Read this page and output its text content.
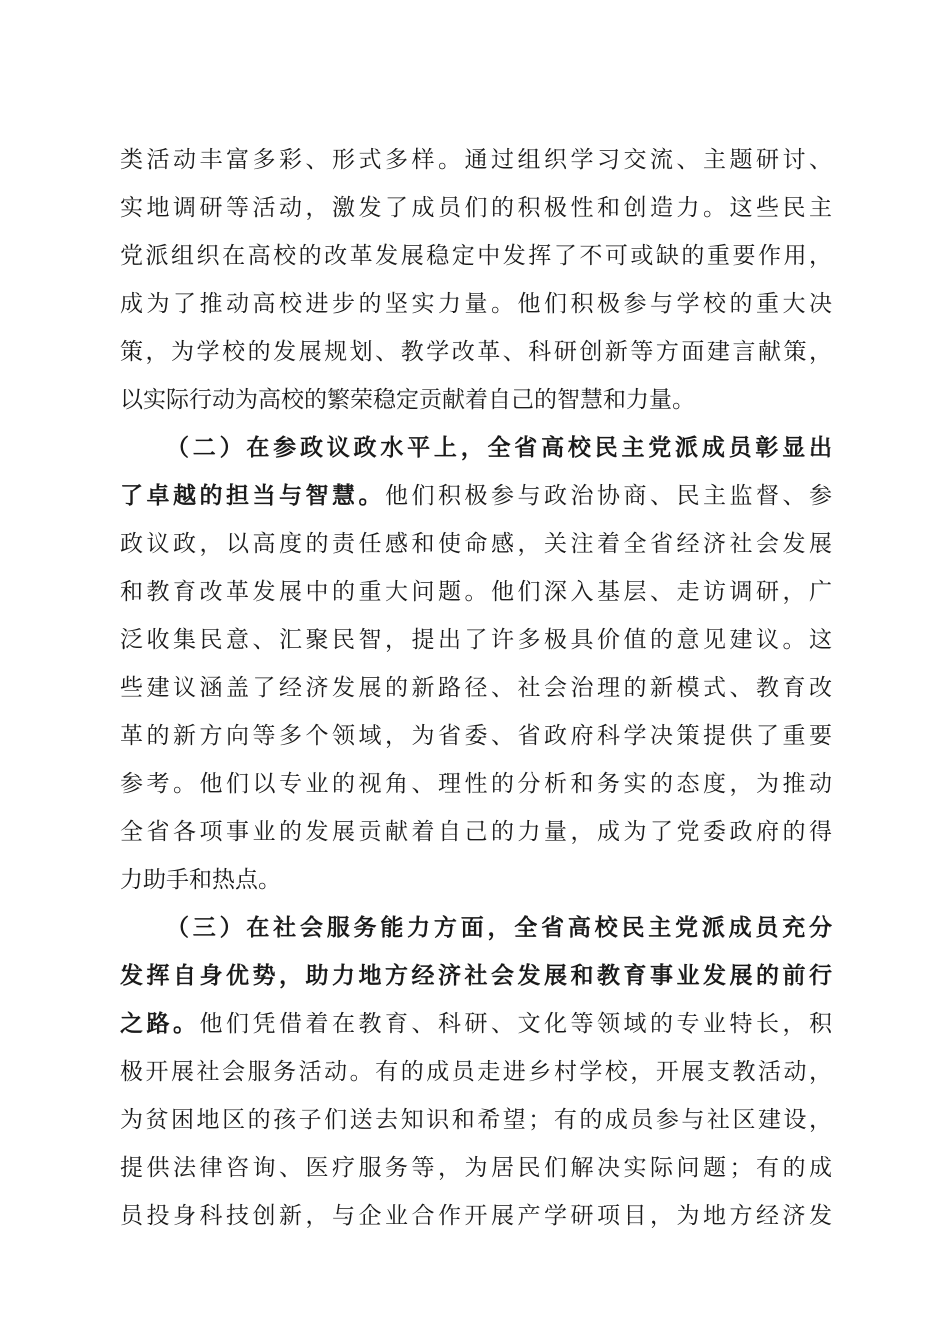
类活动丰富多彩、形式多样。通过组织学习交流、主题研讨、
实地调研等活动，激发了成员们的积极性和创造力。这些民主
党派组织在高校的改革发展稳定中发挥了不可或缺的重要作用，
成为了推动高校进步的坚实力量。他们积极参与学校的重大决
策，为学校的发展规划、教学改革、科研创新等方面建言献策，
以实际行动为高校的繁荣稳定贡献着自己的智慧和力量。
（二）在参政议政水平上，全省高校民主党派成员彰显出
了卓越的担当与智慧。他们积极参与政治协商、民主监督、参
政议政，以高度的责任感和使命感，关注着全省经济社会发展
和教育改革发展中的重大问题。他们深入基层、走访调研，广
泛收集民意、汇聚民智，提出了许多极具价值的意见建议。这
些建议涵盖了经济发展的新路径、社会治理的新模式、教育改
革的新方向等多个领域，为省委、省政府科学决策提供了重要
参考。他们以专业的视角、理性的分析和务实的态度，为推动
全省各项事业的发展贡献着自己的力量，成为了党委政府的得
力助手和热点。
（三）在社会服务能力方面，全省高校民主党派成员充分
发挥自身优势，助力地方经济社会发展和教育事业发展的前行
之路。他们凭借着在教育、科研、文化等领域的专业特长，积
极开展社会服务活动。有的成员走进乡村学校，开展支教活动，
为贫困地区的孩子们送去知识和希望；有的成员参与社区建设，
提供法律咨询、医疗服务等，为居民们解决实际问题；有的成
员投身科技创新，与企业合作开展产学研项目，为地方经济发
